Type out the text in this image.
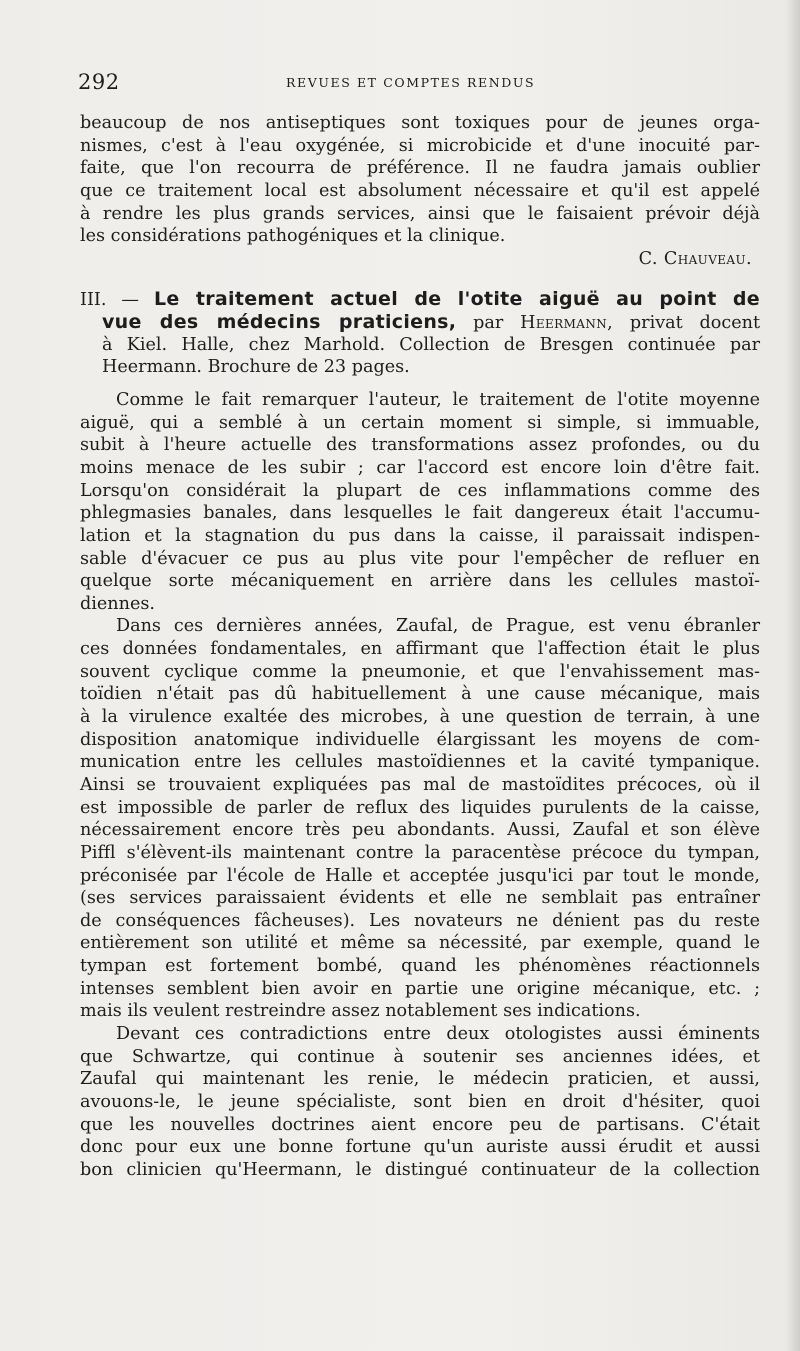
292	REVUES ET COMPTES RENDUS
beaucoup de nos antiseptiques sont toxiques pour de jeunes orga-
nismes, c'est à l'eau oxygénée, si microbicide et d'une inocuité par-
faite, que l'on recourra de préférence. Il ne faudra jamais oublier
que ce traitement local est absolument nécessaire et qu'il est appelé
à rendre les plus grands services, ainsi que le faisaient prévoir déjà
les considérations pathogéniques et la clinique.
C. Chauveau.
III. — Le traitement actuel de l'otite aiguë au point de
vue des médecins praticiens, par Heermann, privat docent
à Kiel. Halle, chez Marhold. Collection de Bresgen continuée par
Heermann. Brochure de 23 pages.
Comme le fait remarquer l'auteur, le traitement de l'otite moyenne
aiguë, qui a semblé à un certain moment si simple, si immuable,
subit à l'heure actuelle des transformations assez profondes, ou du
moins menace de les subir ; car l'accord est encore loin d'être fait.
Lorsqu'on considérait la plupart de ces inflammations comme des
phlegmasies banales, dans lesquelles le fait dangereux était l'accumu-
lation et la stagnation du pus dans la caisse, il paraissait indispen-
sable d'évacuer ce pus au plus vite pour l'empêcher de refluer en
quelque sorte mécaniquement en arrière dans les cellules mastoï-
diennes.
Dans ces dernières années, Zaufal, de Prague, est venu ébranler
ces données fondamentales, en affirmant que l'affection était le plus
souvent cyclique comme la pneumonie, et que l'envahissement mas-
toïdien n'était pas dû habituellement à une cause mécanique, mais
à la virulence exaltée des microbes, à une question de terrain, à une
disposition anatomique individuelle élargissant les moyens de com-
munication entre les cellules mastoïdiennes et la cavité tympanique.
Ainsi se trouvaient expliquées pas mal de mastoïdites précoces, où il
est impossible de parler de reflux des liquides purulents de la caisse,
nécessairement encore très peu abondants. Aussi, Zaufal et son élève
Piffl s'élèvent-ils maintenant contre la paracentèse précoce du tympan,
préconisée par l'école de Halle et acceptée jusqu'ici par tout le monde,
(ses services paraissaient évidents et elle ne semblait pas entraîner
de conséquences fâcheuses). Les novateurs ne dénient pas du reste
entièrement son utilité et même sa nécessité, par exemple, quand le
tympan est fortement bombé, quand les phénomènes réactionnels
intenses semblent bien avoir en partie une origine mécanique, etc. ;
mais ils veulent restreindre assez notablement ses indications.
Devant ces contradictions entre deux otologistes aussi éminents
que Schwartze, qui continue à soutenir ses anciennes idées, et
Zaufal qui maintenant les renie, le médecin praticien, et aussi,
avouons-le, le jeune spécialiste, sont bien en droit d'hésiter, quoi
que les nouvelles doctrines aient encore peu de partisans. C'était
donc pour eux une bonne fortune qu'un auriste aussi érudit et aussi
bon clinicien qu'Heermann, le distingué continuateur de la collection
